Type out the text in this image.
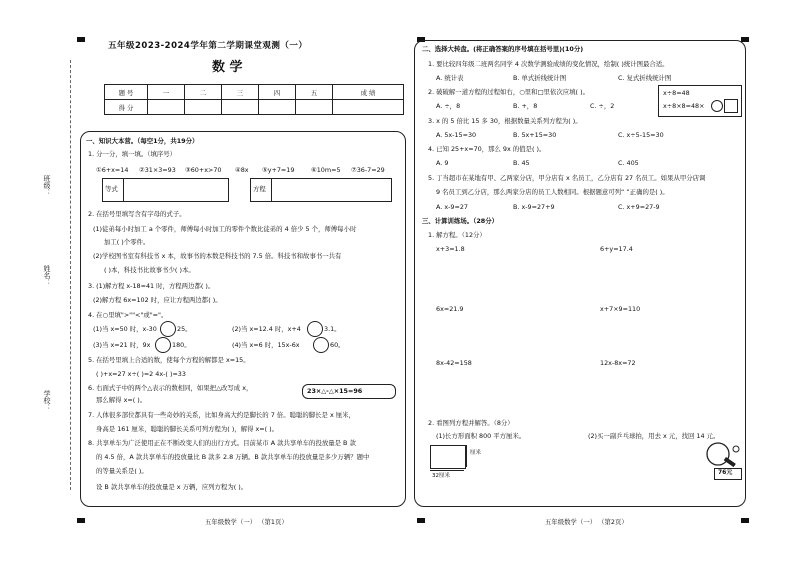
班级：
姓名：
学校：
五年级2023-2024学年第二学期课堂观测（一）
数 学
题 号	一	二	三	四	五	成 绩
得 分						
一、知识大本营。（每空1分，共19分）
1. 分一分，填一填。（填序号）
①6+x=14 ②31×3=93 ③60+x>70 ④8x ⑤y+7=19	⑥10m=5 ⑦36-7=29
等式	方程
2. 在括号里填写含有字母的式子。
(1)徒弟每小时加工 a 个零件，师傅每小时加工的零件个数比徒弟的 4 倍少 5 个，师傅每小时
加工( )个零件。
(2)学校图书室有科技书 x 本，故事书的本数是科技书的 7.5 倍。科技书和故事书一共有
( )本，科技书比故事书少( )本。
3. (1)解方程 x-18=41 时，方程两边都( )。
(2)解方程 6x=102 时，应让方程两边都( )。
4. 在○里填">""<"或"="。
(1)当 x=50 时，x-30	25。	(2)当 x=12.4 时，x+4	3.1。
(3)当 x=21 时，9x	180。	(4)当 x=6 时，15x-6x	60。
5. 在括号里填上合适的数，使每个方程的解都是 x=15。
( )+x=27 x÷( )=2 4x-( )=33
6. 右面式子中的两个△表示的数相同，如果把△改写成 x，
那么解得 x=( )。
23×△-△×15=96
7. 人体很多部位都具有一些奇妙的关系，比如身高大约是脚长的 7 倍。聪聪的脚长是 x 厘米，
身高是 161 厘米，聪聪的脚长关系可列方程为( )，解得 x=( )。
8. 共享单车为广泛使用正在不断改变人们的出行方式。目前某市 A 款共享单车的投放量是 B 款
的 4.5 倍，A 款共享单车的投放量比 B 款多 2.8 万辆。B 款共享单车的投放量是多少万辆？题中
的等量关系是( )。
设 B 款共享单车的投放量是 x 万辆，应列方程为( )。
五年级数学（一） （第1页）
二、选择大转盘。(将正确答案的序号填在括号里)(10分)
1. 要比较四年级二班两名同学 4 次数学测验成绩的变化情况，绘制( )统计图最合适。
A. 统计表	B. 单式折线统计图	C. 复式折线统计图
2. 破破解一道方程的过程如右，○里和□里依次应填( )。
A. ÷，8	B. +，8	C. ÷，2
x÷8=48
x÷8×8=48×
3. x 的 5 倍比 15 多 30，根据数量关系列方程为( )。
A. 5x-15=30	B. 5x+15=30	C. x÷5-15=30
4. 已知 25+x=70，那么 9x 的值是( )。
A. 9	B. 45	C. 405
5. 丁当超市在某地有甲、乙两家分店，甲分店有 x 名员工，乙分店有 27 名员工。如果从甲分店调
9 名员工到乙分店，那么两家分店的员工人数相同。根据题意可列“ ”正确的是( )。
A. x-9=27	B. x-9=27+9	C. x+9=27-9
三、计算训练场。（28分）
1. 解方程。（12分）
x+3=1.8	6+y=17.4
6x=21.9	x+7×9=110
8x-42=158	12x-8x=72
2. 看图列方程并解答。（8分）
(1)长方形面积 800 平方厘米。	(2)买一副乒乓球拍，用去 x 元，找回 14 元。
厘米
32厘米	76元
五年级数学（一） （第2页）
